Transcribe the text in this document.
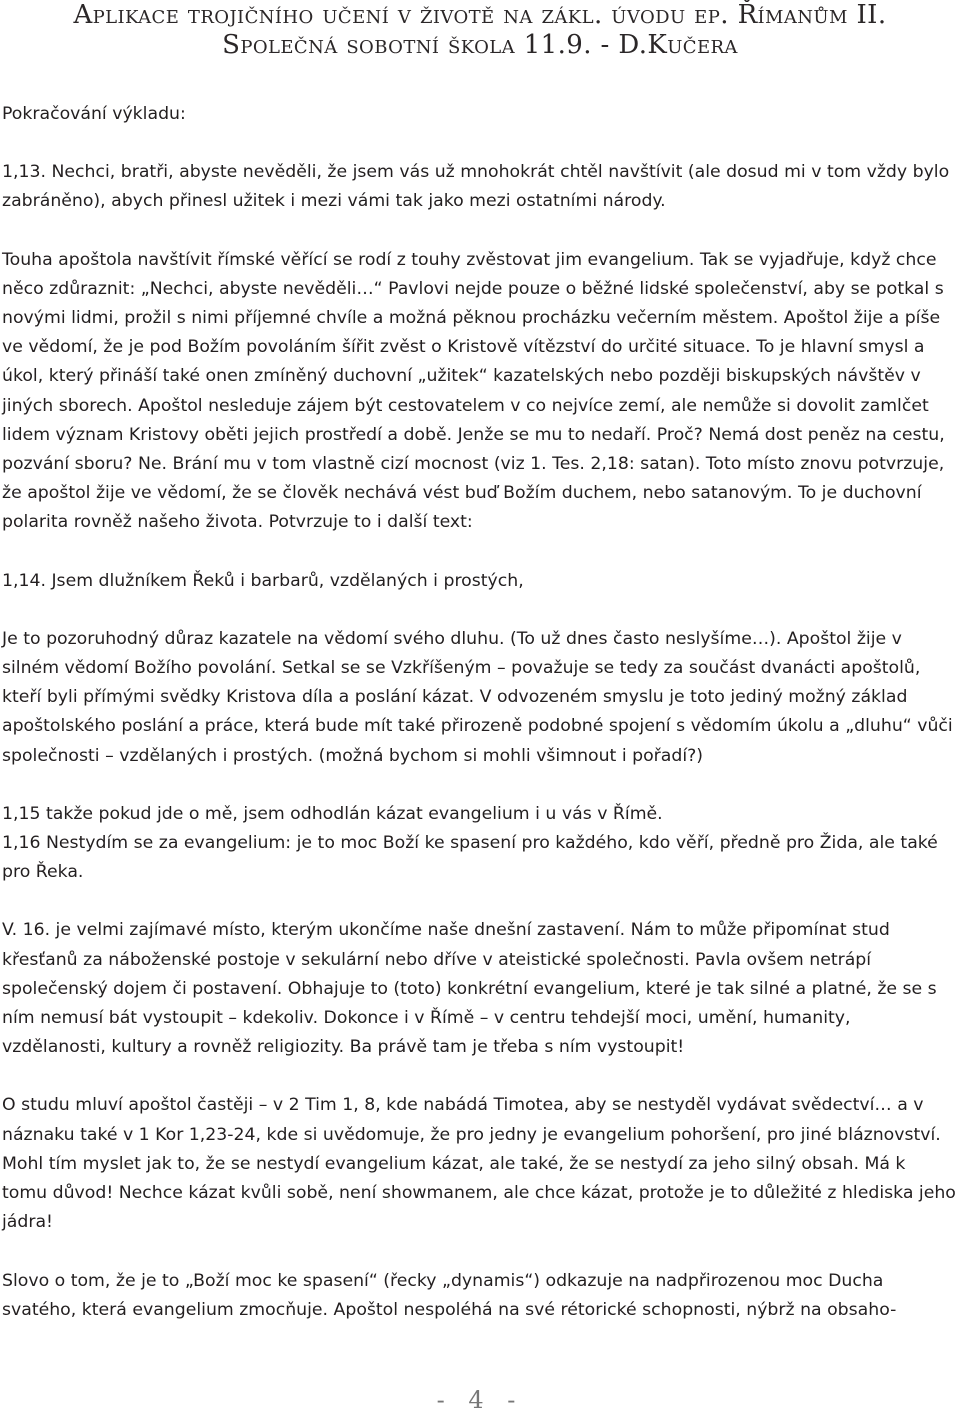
Aplikace trojičního učení v životě na zákl. úvodu ep. Římanům II.
Společná sobotní škola 11.9. - D.Kučera

Pokračování výkladu:

1,13. Nechci, bratři, abyste nevěděli, že jsem vás už mnohokrát chtěl navštívit (ale dosud mi v tom vždy bylo zabráněno), abych přinesl užitek i mezi vámi tak jako mezi ostatními národy.

Touha apoštola navštívit římské věřící se rodí z touhy zvěstovat jim evangelium. Tak se vyjadřuje, když chce něco zdůraznit: „Nechci, abyste nevěděli…“ Pavlovi nejde pouze o běžné lidské společenství, aby se potkal s novými lidmi, prožil s nimi příjemné chvíle a možná pěknou procházku večerním městem. Apoštol žije a píše ve vědomí, že je pod Božím povoláním šířit zvěst o Kristově vítězství do určité situace. To je hlavní smysl a úkol, který přináší také onen zmíněný duchovní „užitek“ kazatelských nebo později biskupských návštěv v jiných sborech. Apoštol nesleduje zájem být cestovatelem v co nejvíce zemí, ale nemůže si dovolit zamlčet lidem význam Kristovy oběti jejich prostředí a době. Jenže se mu to nedaří. Proč? Nemá dost peněz na cestu, pozvání sboru? Ne. Brání mu v tom vlastně cizí mocnost (viz 1. Tes. 2,18: satan). Toto místo znovu potvrzuje, že apoštol žije ve vědomí, že se člověk nechává vést buď Božím duchem, nebo satanovým. To je duchovní polarita rovněž našeho života. Potvrzuje to i další text:

1,14. Jsem dlužníkem Řeků i barbarů, vzdělaných i prostých,

Je to pozoruhodný důraz kazatele na vědomí svého dluhu. (To už dnes často neslyšíme…). Apoštol žije v silném vědomí Božího povolání. Setkal se se Vzkříšeným – považuje se tedy za součást dvanácti apoštolů, kteří byli přímými svědky Kristova díla a poslání kázat. V odvozeném smyslu je toto jediný možný základ apoštolského poslání a práce, která bude mít také přirozeně podobné spojení s vědomím úkolu a „dluhu“ vůči společnosti – vzdělaných i prostých. (možná bychom si mohli všimnout i pořadí?)

1,15 takže pokud jde o mě, jsem odhodlán kázat evangelium i u vás v Římě.

1,16 Nestydím se za evangelium: je to moc Boží ke spasení pro každého, kdo věří, předně pro Žida, ale také pro Řeka.

V. 16. je velmi zajímavé místo, kterým ukončíme naše dnešní zastavení. Nám to může připomínat stud křesťanů za náboženské postoje v sekulární nebo dříve v ateistické společnosti. Pavla ovšem netrápí společenský dojem či postavení. Obhajuje to (toto) konkrétní evangelium, které je tak silné a platné, že se s ním nemusí bát vystoupit – kdekoliv. Dokonce i v Římě – v centru tehdejší moci, umění, humanity, vzdělanosti, kultury a rovněž religiozity. Ba právě tam je třeba s ním vystoupit!

O studu mluví apoštol častěji – v 2 Tim 1, 8, kde nabádá Timotea, aby se nestyděl vydávat svědectví… a v náznaku také v 1 Kor 1,23-24, kde si uvědomuje, že pro jedny je evangelium pohoršení, pro jiné bláznovství. Mohl tím myslet jak to, že se nestydí evangelium kázat, ale také, že se nestydí za jeho silný obsah. Má k tomu důvod! Nechce kázat kvůli sobě, není showmanem, ale chce kázat, protože je to důležité z hlediska jeho jádra!

Slovo o tom, že je to „Boží moc ke spasení“ (řecky „dynamis“) odkazuje na nadpřirozenou moc Ducha svatého, která evangelium zmocňuje. Apoštol nespoléhá na své rétorické schopnosti, nýbrž na obsaho-

- 4 -
